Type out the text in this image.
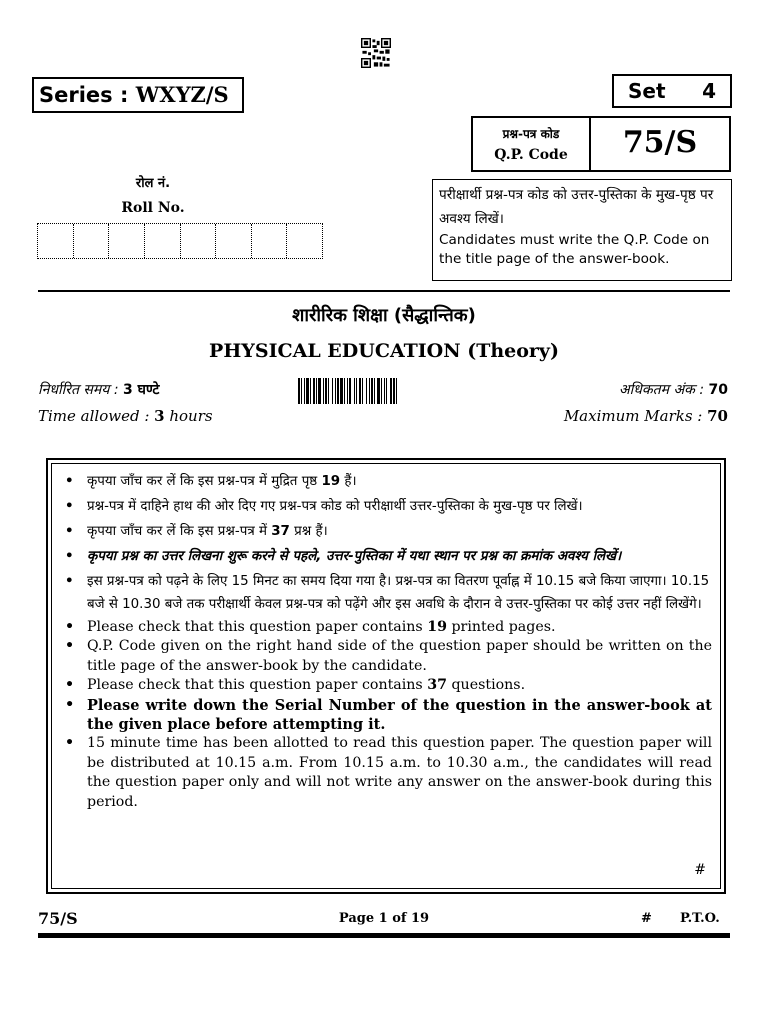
Series : WXYZ/S	Set 4
प्रश्न-पत्र कोड
Q.P. Code	75/S
रोल नं.
Roll No.
परीक्षार्थी प्रश्न-पत्र कोड को उत्तर-पुस्तिका के मुख-पृष्ठ पर अवश्य लिखें।
Candidates must write the Q.P. Code on the title page of the answer-book.
शारीरिक शिक्षा (सैद्धान्तिक)
PHYSICAL EDUCATION (Theory)
निर्धारित समय : 3 घण्टे
Time allowed : 3 hours
अधिकतम अंक : 70
Maximum Marks : 70
• कृपया जाँच कर लें कि इस प्रश्न-पत्र में मुद्रित पृष्ठ 19 हैं।
• प्रश्न-पत्र में दाहिने हाथ की ओर दिए गए प्रश्न-पत्र कोड को परीक्षार्थी उत्तर-पुस्तिका के मुख-पृष्ठ पर लिखें।
• कृपया जाँच कर लें कि इस प्रश्न-पत्र में 37 प्रश्न हैं।
• कृपया प्रश्न का उत्तर लिखना शुरू करने से पहले, उत्तर-पुस्तिका में यथा स्थान पर प्रश्न का क्रमांक अवश्य लिखें।
• इस प्रश्न-पत्र को पढ़ने के लिए 15 मिनट का समय दिया गया है। प्रश्न-पत्र का वितरण पूर्वाह्न में 10.15 बजे किया जाएगा। 10.15 बजे से 10.30 बजे तक परीक्षार्थी केवल प्रश्न-पत्र को पढ़ेंगे और इस अवधि के दौरान वे उत्तर-पुस्तिका पर कोई उत्तर नहीं लिखेंगे।
• Please check that this question paper contains 19 printed pages.
• Q.P. Code given on the right hand side of the question paper should be written on the title page of the answer-book by the candidate.
• Please check that this question paper contains 37 questions.
• Please write down the Serial Number of the question in the answer-book at the given place before attempting it.
• 15 minute time has been allotted to read this question paper. The question paper will be distributed at 10.15 a.m. From 10.15 a.m. to 10.30 a.m., the candidates will read the question paper only and will not write any answer on the answer-book during this period.
#
75/S	Page 1 of 19	# P.T.O.
